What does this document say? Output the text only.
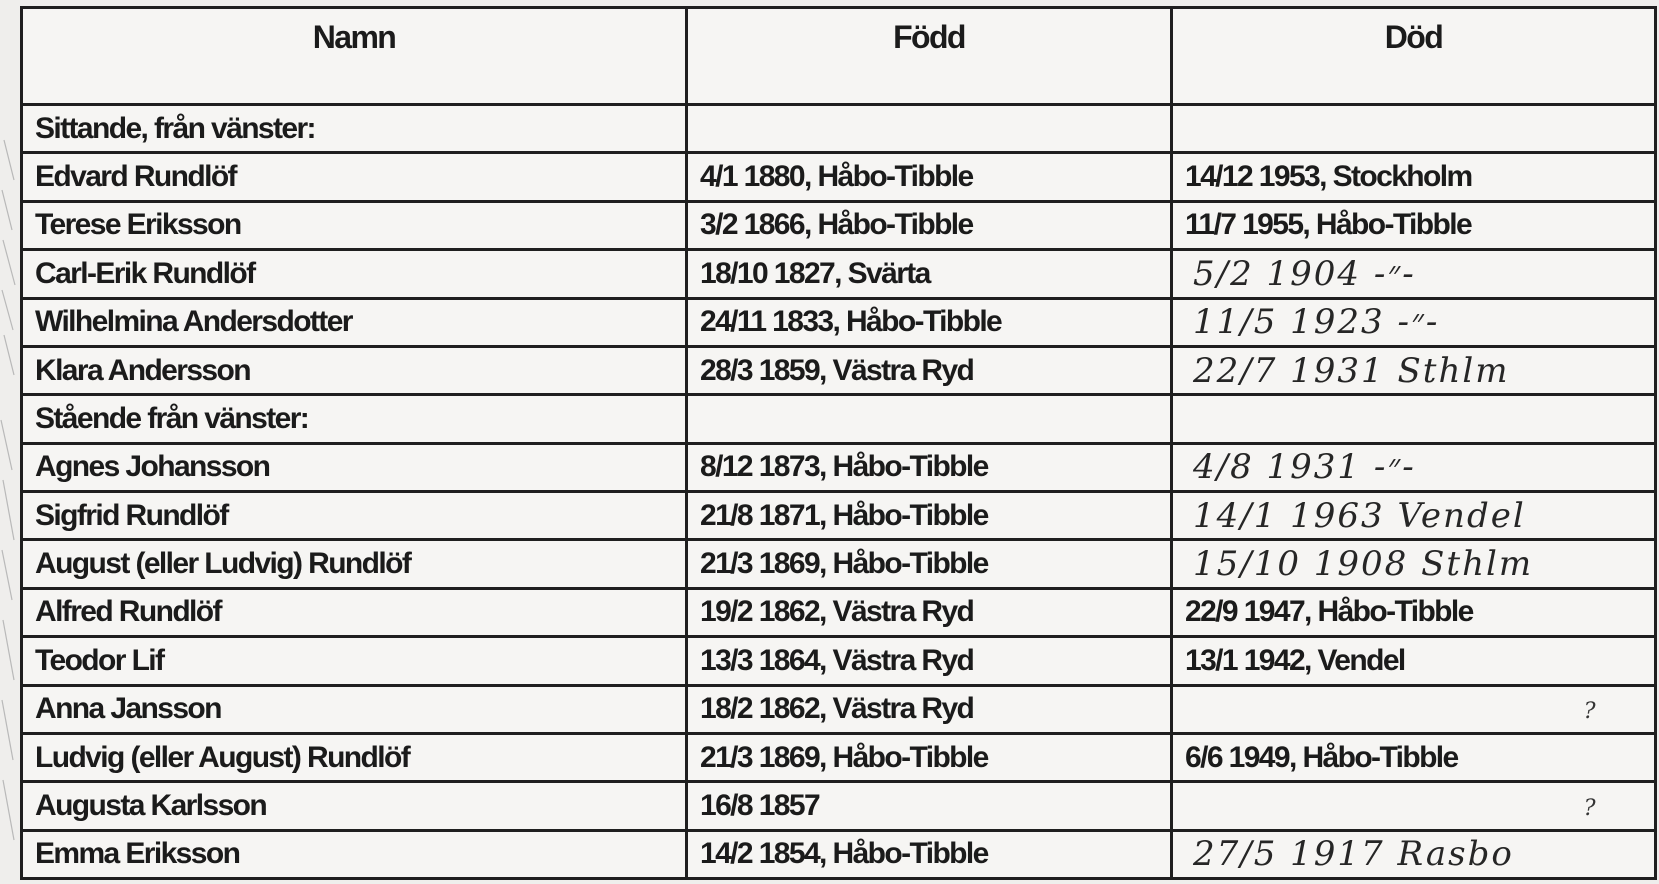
Namn	Född	Död
Sittande, från vänster:		
Edvard Rundlöf	4/1 1880, Håbo-Tibble	14/12 1953, Stockholm
Terese Eriksson	3/2 1866, Håbo-Tibble	11/7 1955, Håbo-Tibble
Carl-Erik Rundlöf	18/10 1827, Svärta	5/2 1904 -״-
Wilhelmina Andersdotter	24/11 1833, Håbo-Tibble	11/5 1923 -״-
Klara Andersson	28/3 1859, Västra Ryd	22/7 1931 Sthlm
Stående från vänster:		
Agnes Johansson	8/12 1873, Håbo-Tibble	4/8 1931 -״-
Sigfrid Rundlöf	21/8 1871, Håbo-Tibble	14/1 1963 Vendel
August (eller Ludvig) Rundlöf	21/3 1869, Håbo-Tibble	15/10 1908 Sthlm
Alfred Rundlöf	19/2 1862, Västra Ryd	22/9 1947, Håbo-Tibble
Teodor Lif	13/3 1864, Västra Ryd	13/1 1942, Vendel
Anna Jansson	18/2 1862, Västra Ryd	?
Ludvig (eller August) Rundlöf	21/3 1869, Håbo-Tibble	6/6 1949, Håbo-Tibble
Augusta Karlsson	16/8 1857	?
Emma Eriksson	14/2 1854, Håbo-Tibble	27/5 1917 Rasbo
